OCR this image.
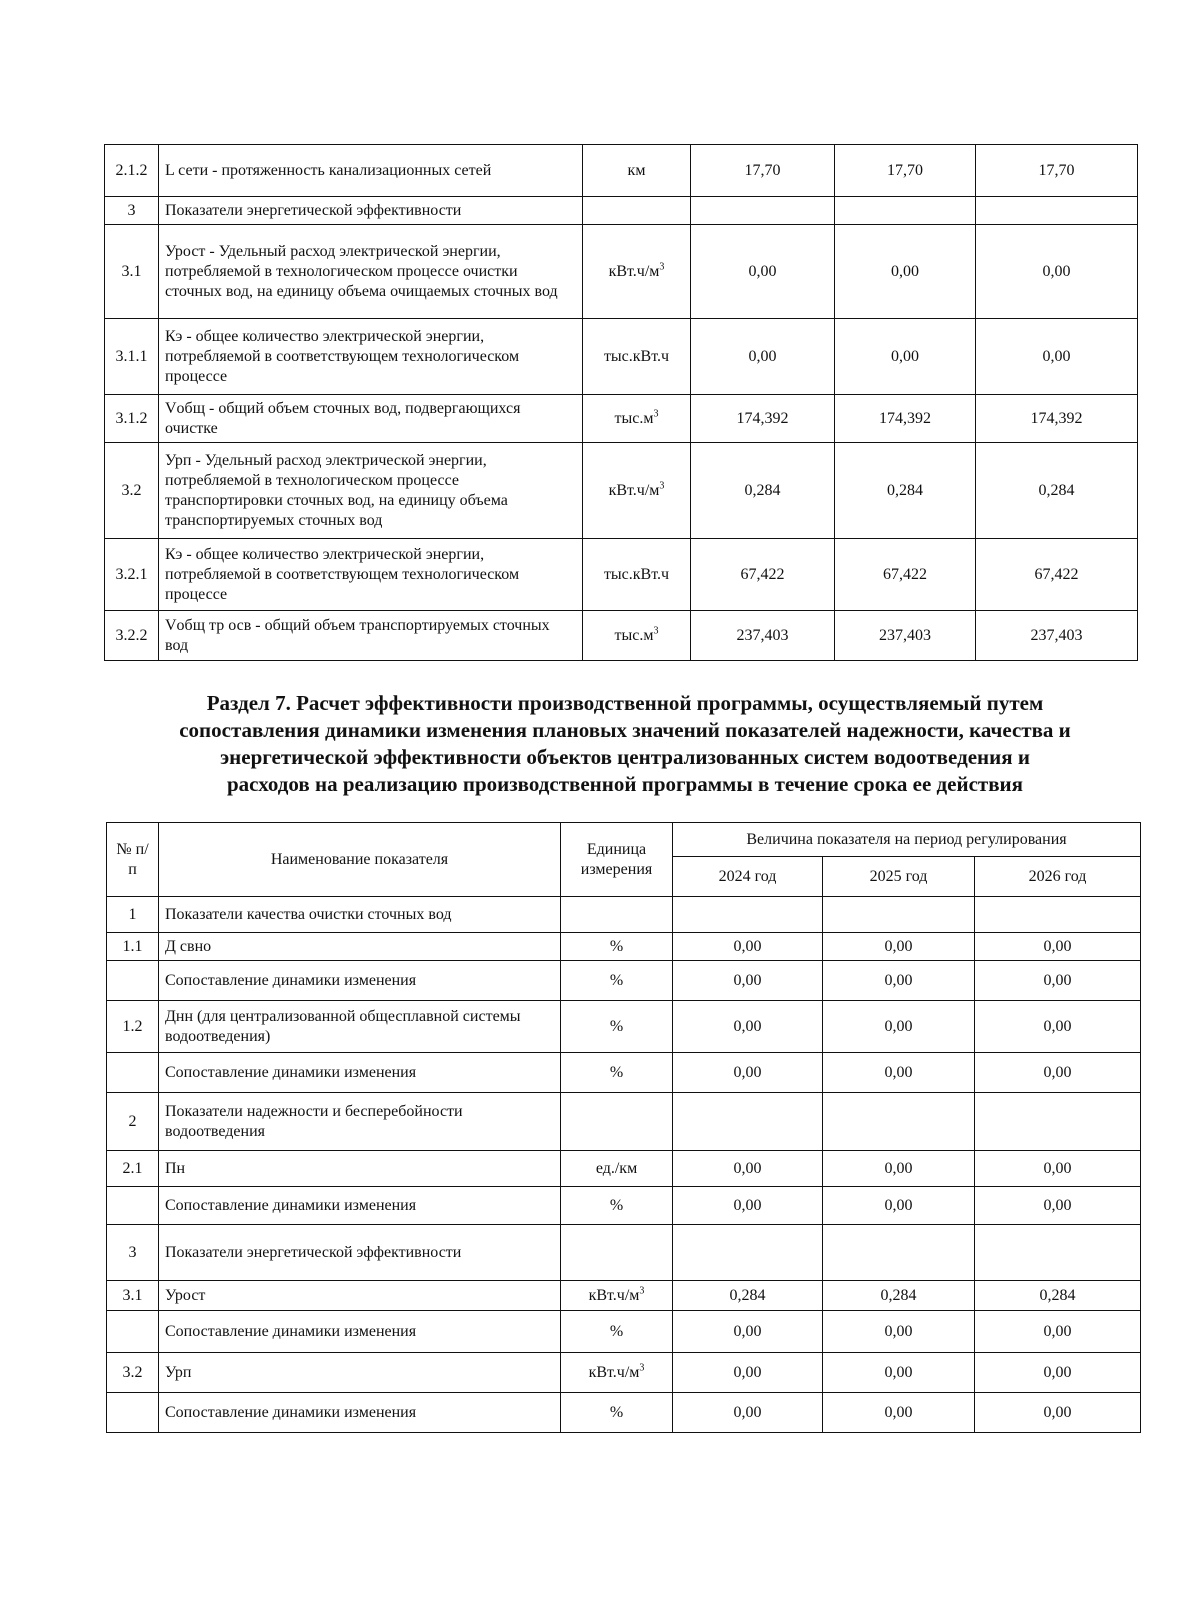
2.1.2	L сети - протяженность канализационных сетей	км	17,70	17,70	17,70
3	Показатели энергетической эффективности				
3.1	Урост - Удельный расход электрической энергии, потребляемой в технологическом процессе очистки сточных вод, на единицу объема очищаемых сточных вод	$кВт.ч/м^3$	0,00	0,00	0,00
3.1.1	Кэ - общее количество электрической энергии, потребляемой в соответствующем технологическом процессе	тыс.кВт.ч	0,00	0,00	0,00
3.1.2	Vобщ - общий объем сточных вод, подвергающихся очистке	$тыс.м^3$	174,392	174,392	174,392
3.2	Урп - Удельный расход электрической энергии, потребляемой в технологическом процессе транспортировки сточных вод, на единицу объема транспортируемых сточных вод	$кВт.ч/м^3$	0,284	0,284	0,284
3.2.1	Кэ - общее количество электрической энергии, потребляемой в соответствующем технологическом процессе	тыс.кВт.ч	67,422	67,422	67,422
3.2.2	Vобщ тр осв - общий объем транспортируемых сточных вод	$тыс.м^3$	237,403	237,403	237,403
Раздел 7. Расчет эффективности производственной программы, осуществляемый путем
сопоставления динамики изменения плановых значений показателей надежности, качества и
энергетической эффективности объектов централизованных систем водоотведения и
расходов на реализацию производственной программы в течение срока ее действия
№ п/п	Наименование показателя	Единица измерения	Величина показателя на период регулирования		
			2024 год	2025 год	2026 год
1	Показатели качества очистки сточных вод				
1.1	Д свно	%	0,00	0,00	0,00
	Сопоставление динамики изменения	%	0,00	0,00	0,00
1.2	Днн (для централизованной общесплавной системы водоотведения)	%	0,00	0,00	0,00
	Сопоставление динамики изменения	%	0,00	0,00	0,00
2	Показатели надежности и бесперебойности водоотведения				
2.1	Пн	ед./км	0,00	0,00	0,00
	Сопоставление динамики изменения	%	0,00	0,00	0,00
3	Показатели энергетической эффективности				
3.1	Урост	$кВт.ч/м^3$	0,284	0,284	0,284
	Сопоставление динамики изменения	%	0,00	0,00	0,00
3.2	Урп	$кВт.ч/м^3$	0,00	0,00	0,00
	Сопоставление динамики изменения	%	0,00	0,00	0,00
